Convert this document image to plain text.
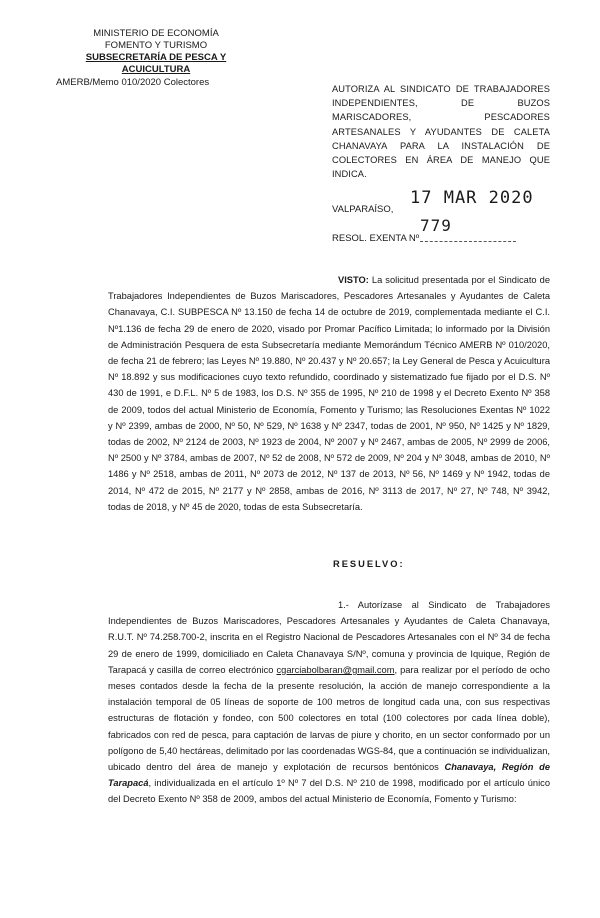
MINISTERIO DE ECONOMÍA
FOMENTO Y TURISMO
SUBSECRETARÍA DE PESCA Y ACUICULTURA
AMERB/Memo 010/2020 Colectores
AUTORIZA AL SINDICATO DE TRABAJADORES INDEPENDIENTES, DE BUZOS MARISCADORES, PESCADORES ARTESANALES Y AYUDANTES DE CALETA CHANAVAYA PARA LA INSTALACIÓN DE COLECTORES EN ÁREA DE MANEJO QUE INDICA.
VALPARAÍSO,
17 MAR 2020
779
RESOL. EXENTA Nº
VISTO: La solicitud presentada por el Sindicato de Trabajadores Independientes de Buzos Mariscadores, Pescadores Artesanales y Ayudantes de Caleta Chanavaya, C.I. SUBPESCA Nº 13.150 de fecha 14 de octubre de 2019, complementada mediante el C.I. Nº1.136 de fecha 29 de enero de 2020, visado por Promar Pacífico Limitada; lo informado por la División de Administración Pesquera de esta Subsecretaría mediante Memorándum Técnico AMERB Nº 010/2020, de fecha 21 de febrero; las Leyes Nº 19.880, Nº 20.437 y Nº 20.657; la Ley General de Pesca y Acuicultura Nº 18.892 y sus modificaciones cuyo texto refundido, coordinado y sistematizado fue fijado por el D.S. Nº 430 de 1991, e D.F.L. Nº 5 de 1983, los D.S. Nº 355 de 1995, Nº 210 de 1998 y el Decreto Exento Nº 358 de 2009, todos del actual Ministerio de Economía, Fomento y Turismo; las Resoluciones Exentas Nº 1022 y Nº 2399, ambas de 2000, Nº 50, Nº 529, Nº 1638 y Nº 2347, todas de 2001, Nº 950, Nº 1425 y Nº 1829, todas de 2002, Nº 2124 de 2003, Nº 1923 de 2004, Nº 2007 y Nº 2467, ambas de 2005, Nº 2999 de 2006, Nº 2500 y Nº 3784, ambas de 2007, Nº 52 de 2008, Nº 572 de 2009, Nº 204 y Nº 3048, ambas de 2010, Nº 1486 y Nº 2518, ambas de 2011, Nº 2073 de 2012, Nº 137 de 2013, Nº 56, Nº 1469 y Nº 1942, todas de 2014, Nº 472 de 2015, Nº 2177 y Nº 2858, ambas de 2016, Nº 3113 de 2017, Nº 27, Nº 748, Nº 3942, todas de 2018, y Nº 45 de 2020, todas de esta Subsecretaría.
RESUELVO:
1.- Autorízase al Sindicato de Trabajadores Independientes de Buzos Mariscadores, Pescadores Artesanales y Ayudantes de Caleta Chanavaya, R.U.T. Nº 74.258.700-2, inscrita en el Registro Nacional de Pescadores Artesanales con el Nº 34 de fecha 29 de enero de 1999, domiciliado en Caleta Chanavaya S/Nº, comuna y provincia de Iquique, Región de Tarapacá y casilla de correo electrónico cgarciabolbaran@gmail.com, para realizar por el período de ocho meses contados desde la fecha de la presente resolución, la acción de manejo correspondiente a la instalación temporal de 05 líneas de soporte de 100 metros de longitud cada una, con sus respectivas estructuras de flotación y fondeo, con 500 colectores en total (100 colectores por cada línea doble), fabricados con red de pesca, para captación de larvas de piure y chorito, en un sector conformado por un polígono de 5,40 hectáreas, delimitado por las coordenadas WGS-84, que a continuación se individualizan, ubicado dentro del área de manejo y explotación de recursos bentónicos Chanavaya, Región de Tarapacá, individualizada en el artículo 1º Nº 7 del D.S. Nº 210 de 1998, modificado por el artículo único del Decreto Exento Nº 358 de 2009, ambos del actual Ministerio de Economía, Fomento y Turismo:
